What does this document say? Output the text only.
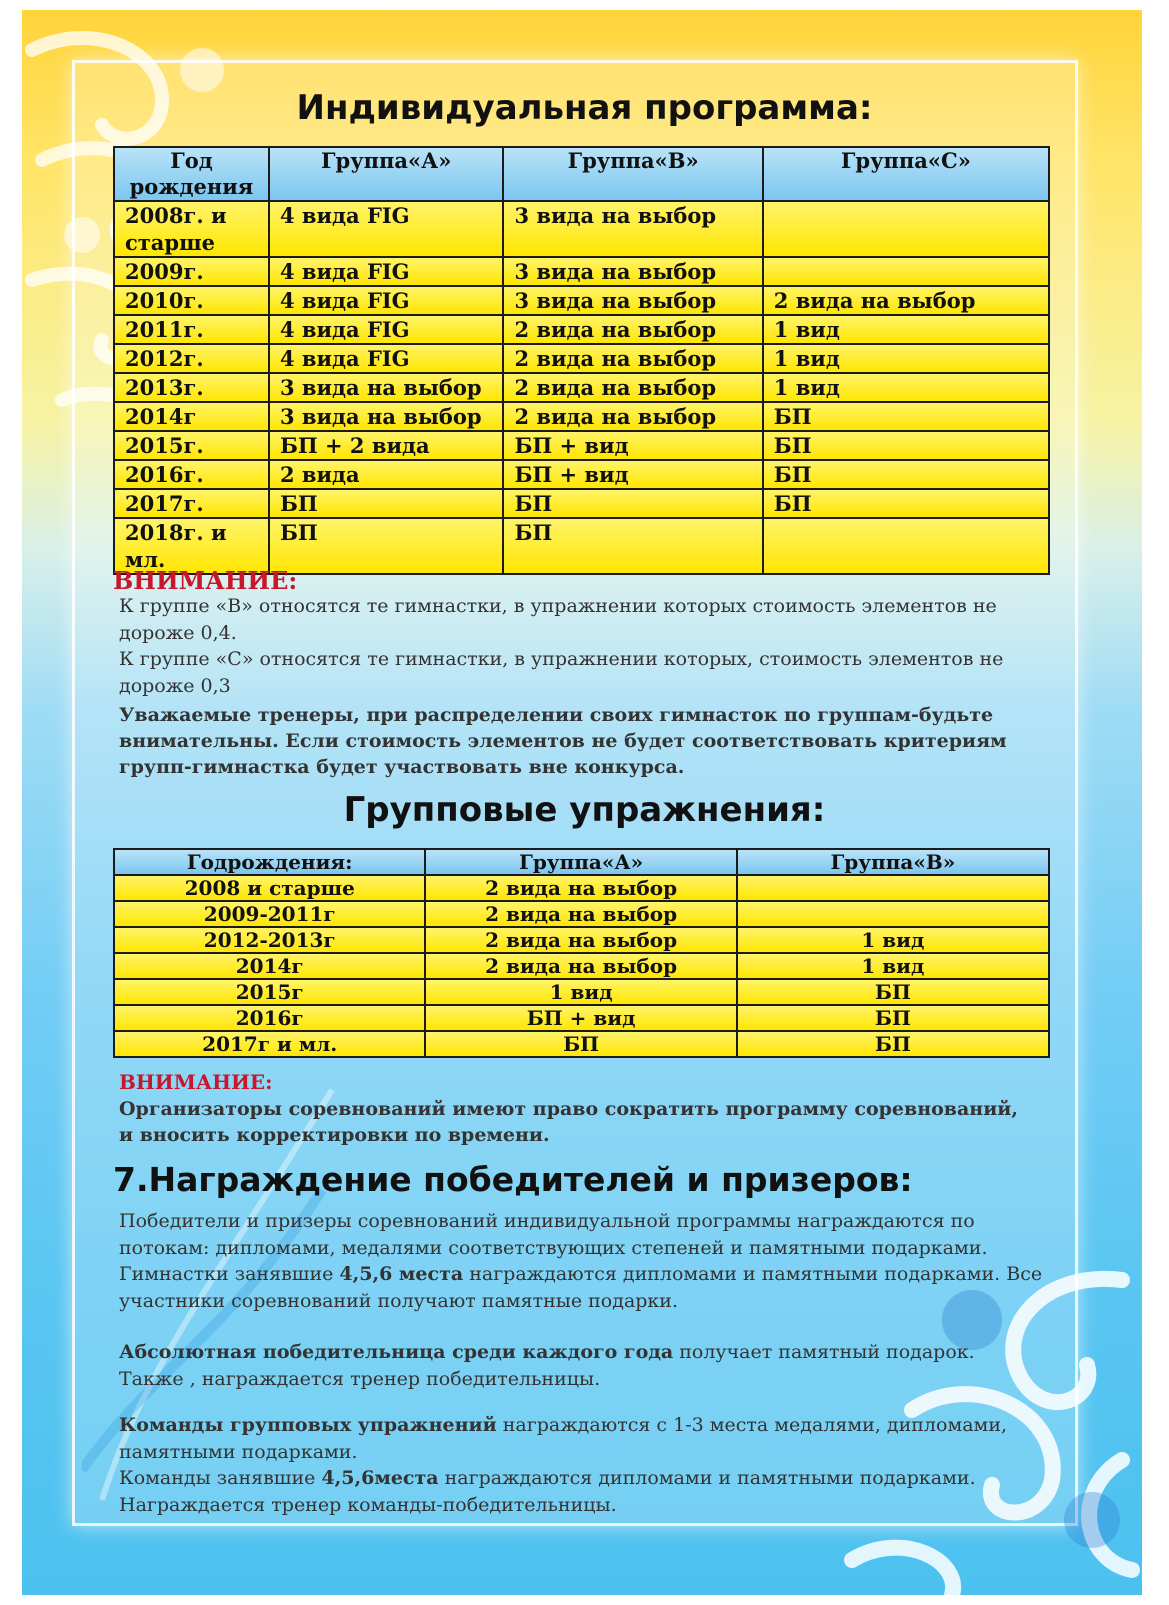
Индивидуальная программа:
Год рождения	Группа«А»	Группа«В»	Группа«С»
2008г. и старше	4 вида FIG	3 вида на выбор	
2009г.	4 вида FIG	3 вида на выбор	
2010г.	4 вида FIG	3 вида на выбор	2 вида на выбор
2011г.	4 вида FIG	2 вида на выбор	1 вид
2012г.	4 вида FIG	2 вида на выбор	1 вид
2013г.	3 вида на выбор	2 вида на выбор	1 вид
2014г	3 вида на выбор	2 вида на выбор	БП
2015г.	БП + 2 вида	БП + вид	БП
2016г.	2 вида	БП + вид	БП
2017г.	БП	БП	БП
2018г. и мл.	БП	БП	
ВНИМАНИЕ:
К группе «В» относятся те гимнастки, в упражнении которых стоимость элементов не дороже 0,4.
К группе «С» относятся те гимнастки, в упражнении которых, стоимость элементов не дороже 0,3
Уважаемые тренеры, при распределении своих гимнасток по группам-будьте внимательны. Если стоимость элементов не будет соответствовать критериям групп-гимнастка будет участвовать вне конкурса.
Групповые упражнения:
Годрождения:	Группа«А»	Группа«В»
2008 и старше	2 вида на выбор	
2009-2011г	2 вида на выбор	
2012-2013г	2 вида на выбор	1 вид
2014г	2 вида на выбор	1 вид
2015г	1 вид	БП
2016г	БП + вид	БП
2017г и мл.	БП	БП
ВНИМАНИЕ:
Организаторы соревнований имеют право сократить программу соревнований, и вносить корректировки по времени.
7.Награждение победителей и призеров:
Победители и призеры соревнований индивидуальной программы награждаются по потокам: дипломами, медалями соответствующих степеней и памятными подарками. Гимнастки занявшие 4,5,6 места награждаются дипломами и памятными подарками. Все участники соревнований получают памятные подарки.
Абсолютная победительница среди каждого года получает памятный подарок.
Также , награждается тренер победительницы.
Команды групповых упражнений награждаются с 1-3 места медалями, дипломами, памятными подарками.
Команды занявшие 4,5,6места награждаются дипломами и памятными подарками.
Награждается тренер команды-победительницы.
